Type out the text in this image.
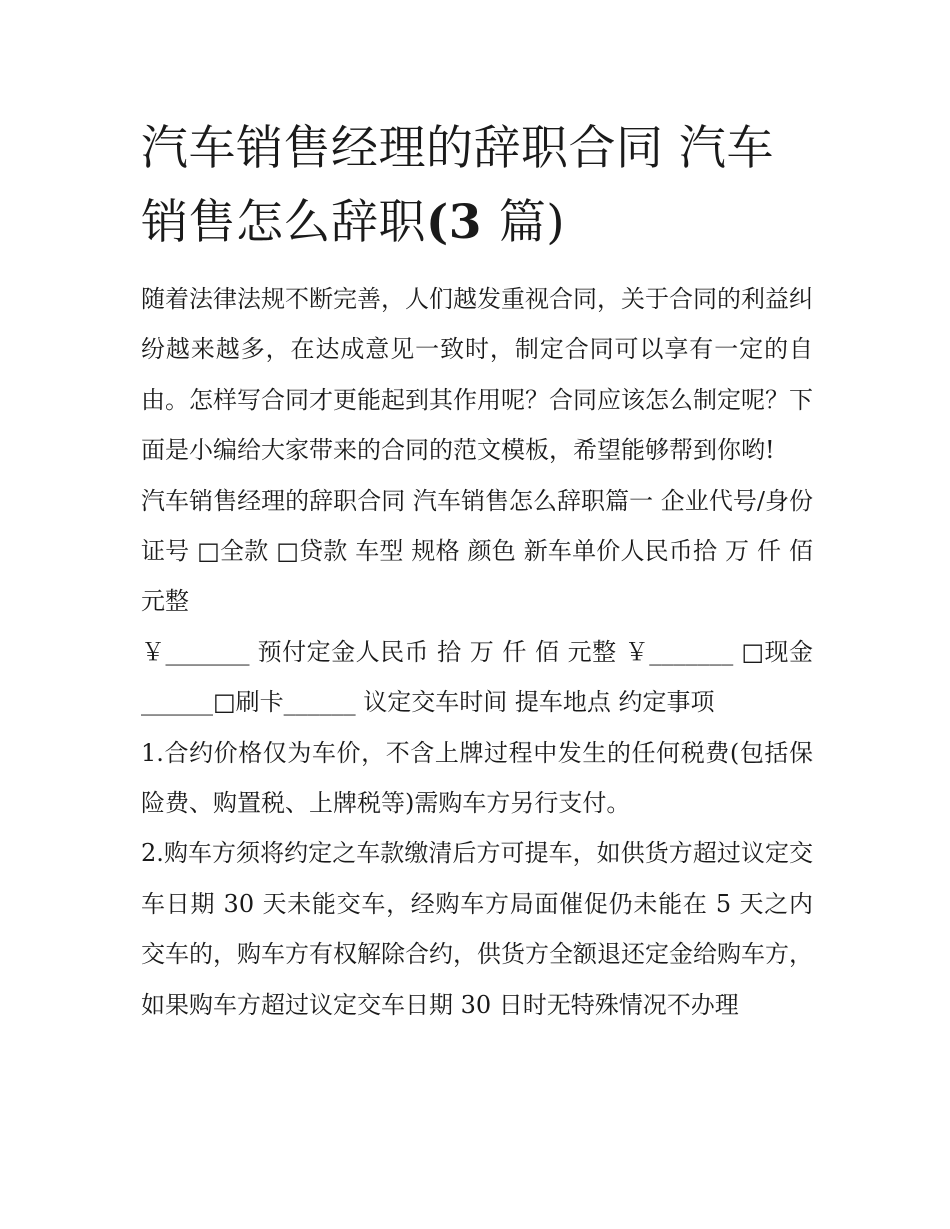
汽车销售经理的辞职合同 汽车销售怎么辞职(3 篇)

随着法律法规不断完善，人们越发重视合同，关于合同的利益纠纷越来越多，在达成意见一致时，制定合同可以享有一定的自由。怎样写合同才更能起到其作用呢？合同应该怎么制定呢？下面是小编给大家带来的合同的范文模板，希望能够帮到你哟!

汽车销售经理的辞职合同 汽车销售怎么辞职篇一 企业代号/身份证号 □全款 □贷款 车型 规格 颜色 新车单价人民币拾 万 仟 佰 元整

￥_______ 预付定金人民币 拾 万 仟 佰 元整 ￥_______ □现金______□刷卡______ 议定交车时间 提车地点 约定事项

1.合约价格仅为车价，不含上牌过程中发生的任何税费(包括保险费、购置税、上牌税等)需购车方另行支付。

2.购车方须将约定之车款缴清后方可提车，如供货方超过议定交车日期 30 天未能交车，经购车方局面催促仍未能在 5 天之内交车的，购车方有权解除合约，供货方全额退还定金给购车方，如果购车方超过议定交车日期 30 日时无特殊情况不办理
